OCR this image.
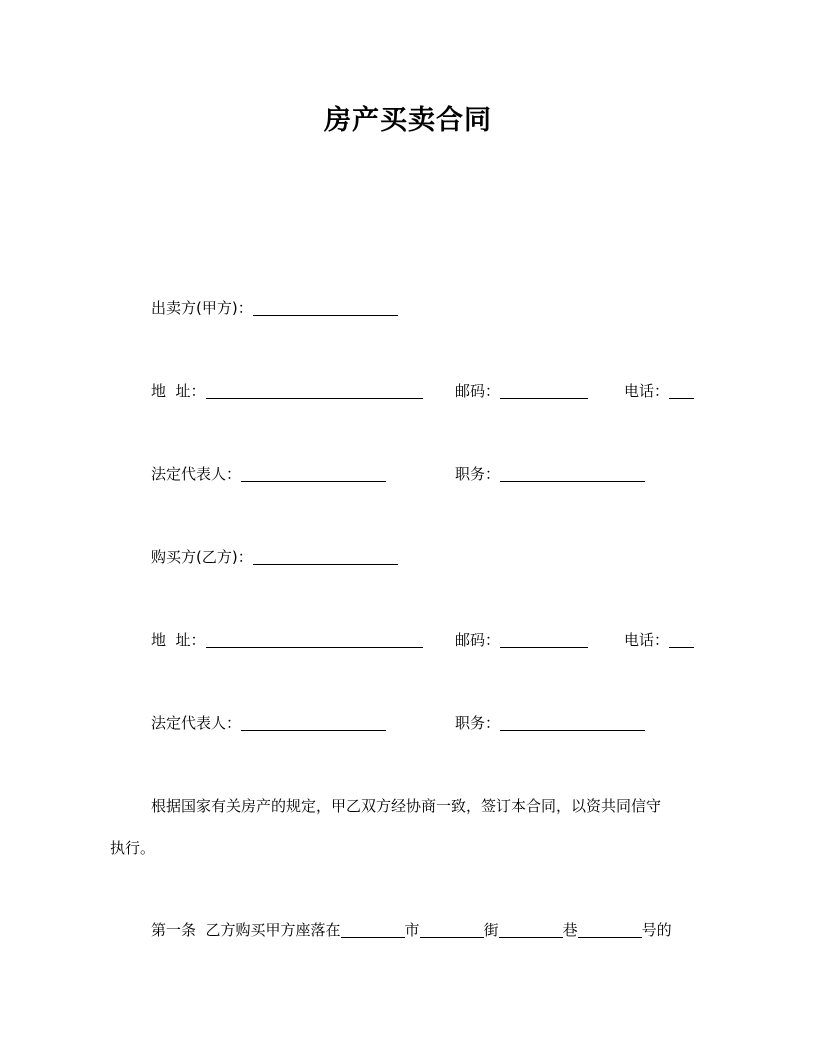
房产买卖合同
出卖方(甲方)：
地  址：	邮码：	电话：
法定代表人：	职务：
购买方(乙方)：
地  址：	邮码：	电话：
法定代表人：	职务：
根据国家有关房产的规定，甲乙双方经协商一致，签订本合同，以资共同信守
执行。
第一条  乙方购买甲方座落在	市	街	巷	号的
